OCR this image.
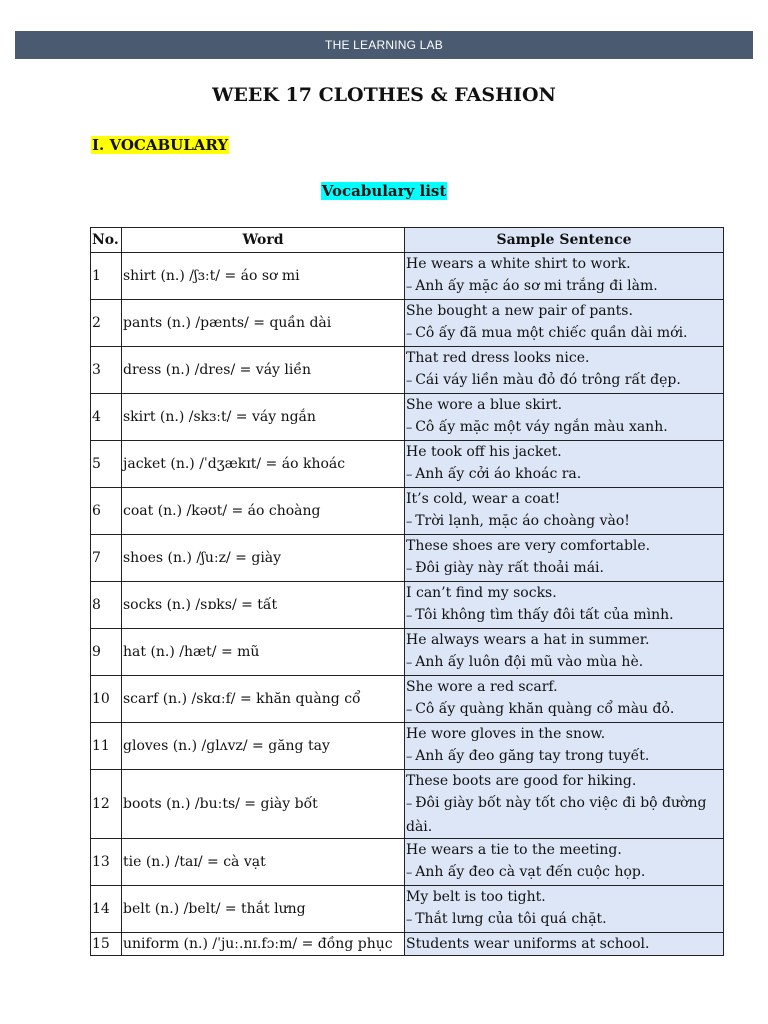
THE LEARNING LAB
WEEK 17 CLOTHES & FASHION
I. VOCABULARY
Vocabulary list
No.	Word	Sample Sentence
1	shirt (n.) /ʃɜːt/ = áo sơ mi	He wears a white shirt to work.
-- Anh ấy mặc áo sơ mi trắng đi làm.

2	pants (n.) /pænts/ = quần dài	She bought a new pair of pants.
-- Cô ấy đã mua một chiếc quần dài mới.

3	dress (n.) /dres/ = váy liền	That red dress looks nice.
-- Cái váy liền màu đỏ đó trông rất đẹp.

4	skirt (n.) /skɜːt/ = váy ngắn	She wore a blue skirt.
-- Cô ấy mặc một váy ngắn màu xanh.

5	jacket (n.) /ˈdʒækɪt/ = áo khoác	He took off his jacket.
-- Anh ấy cởi áo khoác ra.

6	coat (n.) /kəʊt/ = áo choàng	It’s cold, wear a coat!
-- Trời lạnh, mặc áo choàng vào!

7	shoes (n.) /ʃuːz/ = giày	These shoes are very comfortable.
-- Đôi giày này rất thoải mái.

8	socks (n.) /sɒks/ = tất	I can’t find my socks.
-- Tôi không tìm thấy đôi tất của mình.

9	hat (n.) /hæt/ = mũ	He always wears a hat in summer.
-- Anh ấy luôn đội mũ vào mùa hè.

10	scarf (n.) /skɑːf/ = khăn quàng cổ	She wore a red scarf.
-- Cô ấy quàng khăn quàng cổ màu đỏ.

11	gloves (n.) /ɡlʌvz/ = găng tay	He wore gloves in the snow.
-- Anh ấy đeo găng tay trong tuyết.

12	boots (n.) /buːts/ = giày bốt	These boots are good for hiking.
-- Đôi giày bốt này tốt cho việc đi bộ đường dài.

13	tie (n.) /taɪ/ = cà vạt	He wears a tie to the meeting.
-- Anh ấy đeo cà vạt đến cuộc họp.

14	belt (n.) /belt/ = thắt lưng	My belt is too tight.
-- Thắt lưng của tôi quá chặt.

15	uniform (n.) /ˈjuː.nɪ.fɔːm/ = đồng phục	Students wear uniforms at school.
